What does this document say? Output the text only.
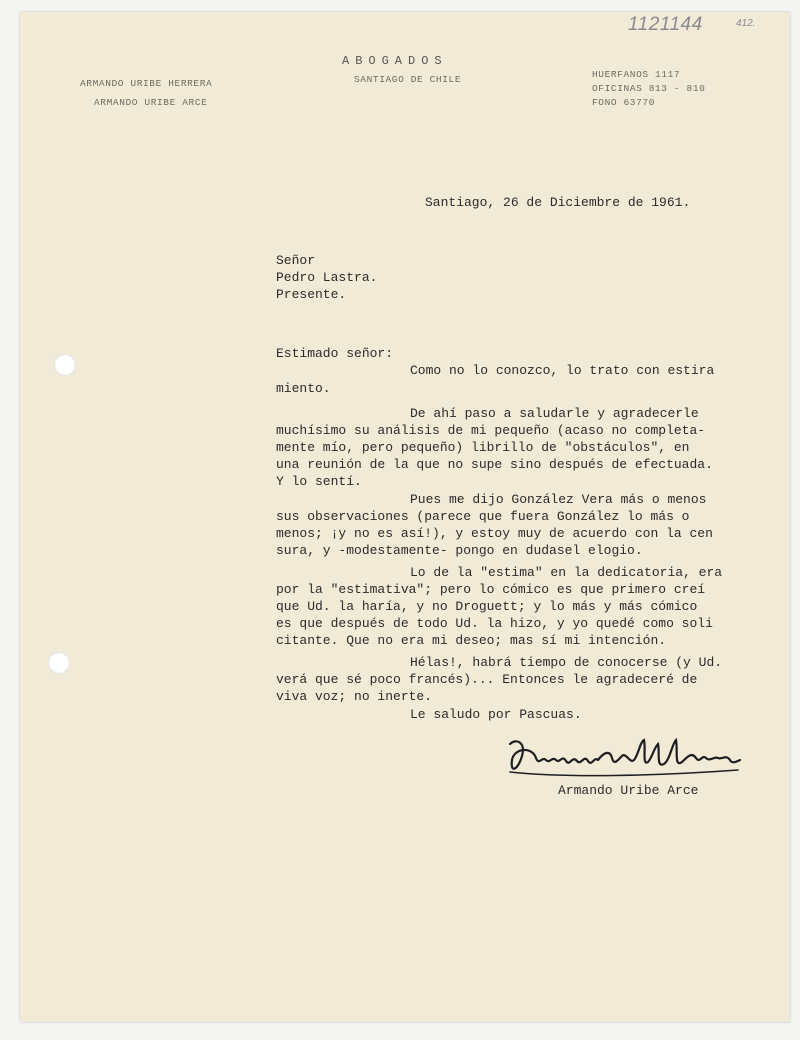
1121144	412.
ARMANDO URIBE HERRERA
ARMANDO URIBE ARCE
ABOGADOS
SANTIAGO DE CHILE	HUERFANOS 1117
OFICINAS 813 - 810
FONO 63770
Santiago, 26 de Diciembre de 1961.
Señor
Pedro Lastra.
Presente.
Estimado señor:
Como no lo conozco, lo trato con estira
miento.
De ahí paso a saludarle y agradecerle
muchísimo su análisis de mi pequeño (acaso no completa-
mente mío, pero pequeño) librillo de "obstáculos", en
una reunión de la que no supe sino después de efectuada.
Y lo sentí.
Pues me dijo González Vera más o menos
sus observaciones (parece que fuera González lo más o
menos; ¡y no es así!), y estoy muy de acuerdo con la cen
sura, y -modestamente- pongo en dudasel elogio.
Lo de la "estima" en la dedicatoria, era
por la "estimativa"; pero lo cómico es que primero creí
que Ud. la haría, y no Droguett; y lo más y más cómico
es que después de todo Ud. la hizo, y yo quedé como soli
citante. Que no era mi deseo; mas sí mi intención.
Hélas!, habrá tiempo de conocerse (y Ud.
verá que sé poco francés)... Entonces le agradeceré de
viva voz; no inerte.
Le saludo por Pascuas.
Armando Uribe Arce
